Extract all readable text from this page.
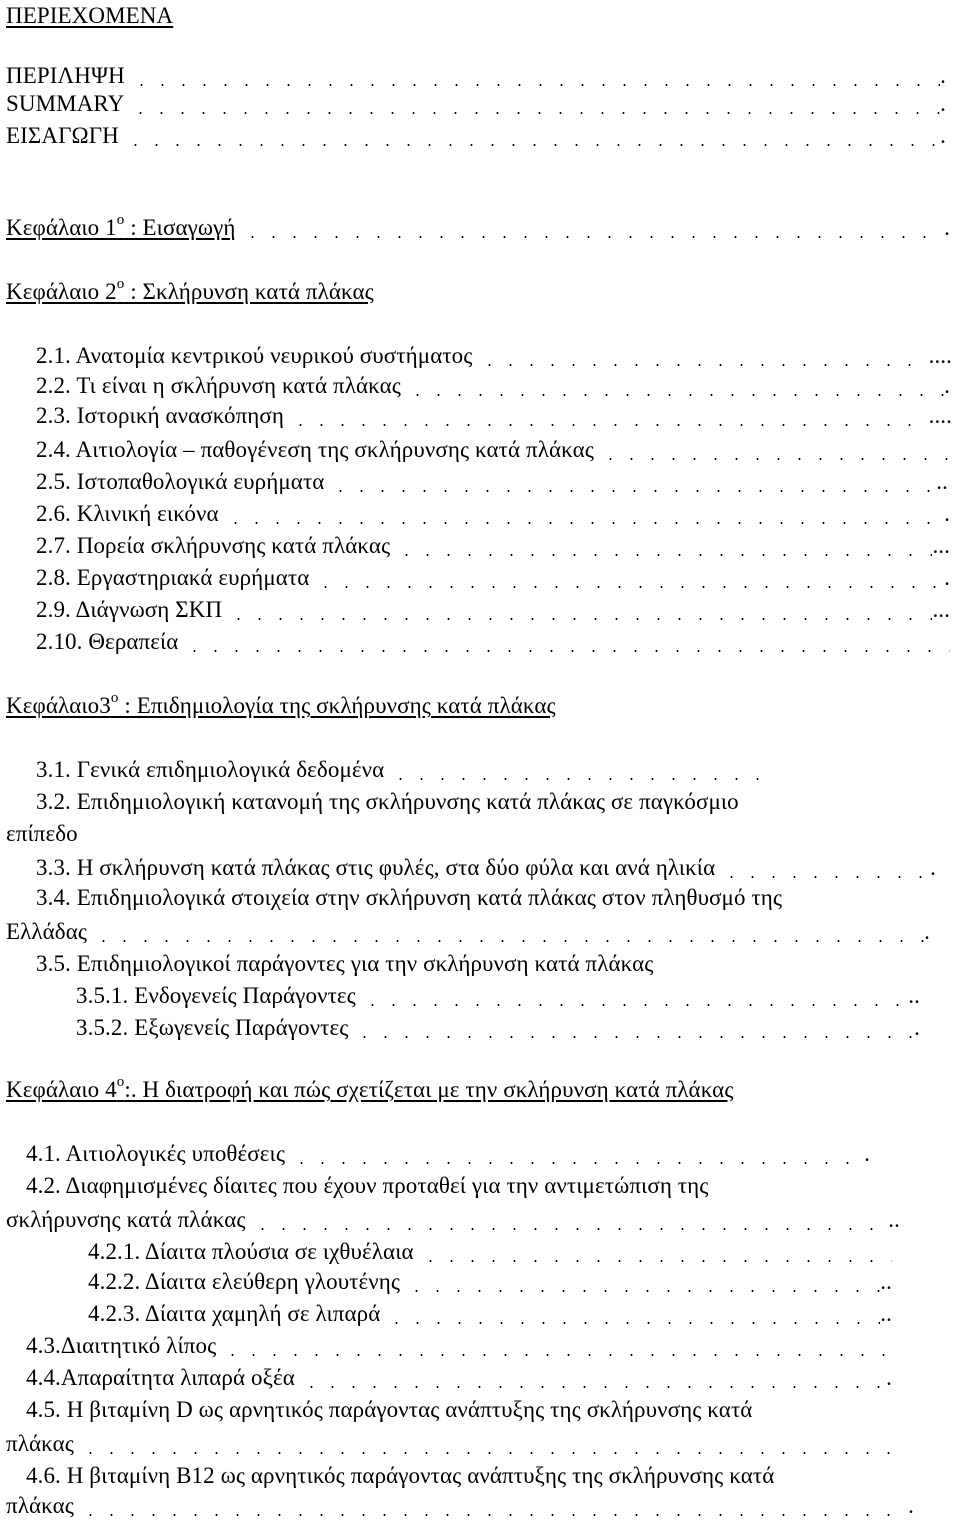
ΠΕΡΙΕΧΟΜΕΝΑ
ΠΕΡΙΛΗΨΗ	.
SUMMARY	.
ΕΙΣΑΓΩΓΗ	.
Κεφάλαιο $1^o$ : Εισαγωγή	.
Κεφάλαιο $2^o$ : Σκλήρυνση κατά πλάκας
2.1. Ανατομία κεντρικού νευρικού συστήματος	....
2.2. Τι είναι η σκλήρυνση κατά πλάκας	.
2.3. Ιστορική ανασκόπηση	....
2.4. Αιτιολογία – παθογένεση της σκλήρυνσης κατά πλάκας
2.5. Ιστοπαθολογικά ευρήματα	..
2.6. Κλινική εικόνα	.
2.7. Πορεία σκλήρυνσης κατά πλάκας	...
2.8. Εργαστηριακά ευρήματα	.
2.9. Διάγνωση ΣΚΠ	...
2.10. Θεραπεία
$K\varepsilon\varphi ά\lambda\alpha\iota o3^o$ : Επιδημιολογία της σκλήρυνσης κατά πλάκας
3.1. Γενικά επιδημιολογικά δεδομένα
3.2. Επιδημιολογική κατανομή της σκλήρυνσης κατά πλάκας σε παγκόσμιο
επίπεδο
3.3. Η σκλήρυνση κατά πλάκας στις φυλές, στα δύο φύλα και ανά ηλικία	.
3.4. Επιδημιολογικά στοιχεία στην σκλήρυνση κατά πλάκας στον πληθυσμό της
Ελλάδας	.
3.5. Επιδημιολογικοί παράγοντες για την σκλήρυνση κατά πλάκας
3.5.1. Ενδογενείς Παράγοντες	..
3.5.2. Εξωγενείς Παράγοντες	.
Κεφάλαιο $4^o$:. Η διατροφή και πώς σχετίζεται με την σκλήρυνση κατά πλάκας
4.1. Αιτιολογικές υποθέσεις	.
4.2. Διαφημισμένες δίαιτες που έχουν προταθεί για την αντιμετώπιση της
σκλήρυνσης κατά πλάκας	..
4.2.1. Δίαιτα πλούσια σε ιχθυέλαια
4.2.2. Δίαιτα ελεύθερη γλουτένης	..
4.2.3. Δίαιτα χαμηλή σε λιπαρά	..
4.3.Διαιτητικό λίπος
4.4.Απαραίτητα λιπαρά οξέα	.
4.5. Η βιταμίνη D ως αρνητικός παράγοντας ανάπτυξης της σκλήρυνσης κατά
πλάκας
4.6. Η βιταμίνη B12 ως αρνητικός παράγοντας ανάπτυξης της σκλήρυνσης κατά
πλάκας	.
